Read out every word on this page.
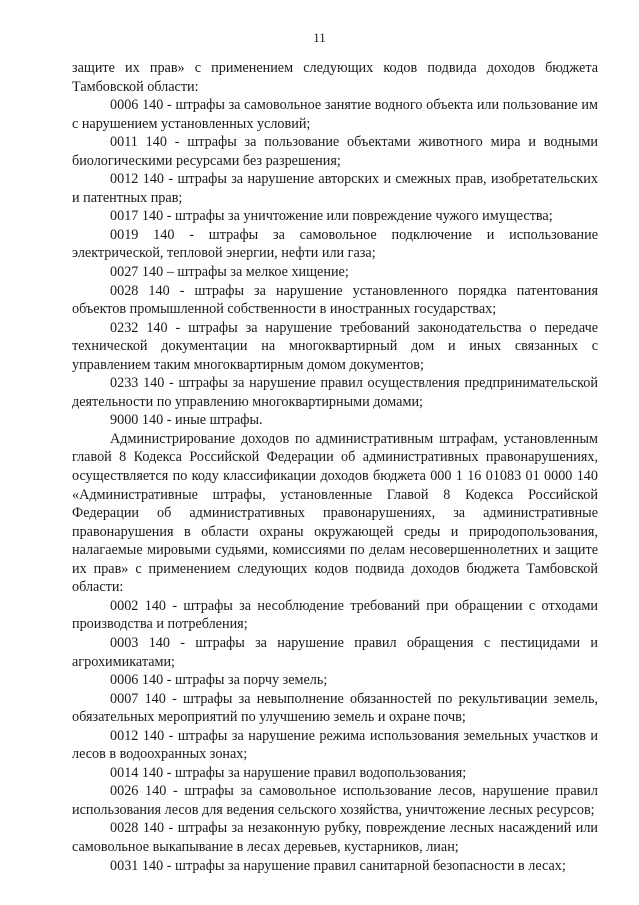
11

защите их прав» с применением следующих кодов подвида доходов бюджета Тамбовской области:

0006 140 - штрафы за самовольное занятие водного объекта или пользование им с нарушением установленных условий;

0011 140 - штрафы за пользование объектами животного мира и водными биологическими ресурсами без разрешения;

0012 140 - штрафы за нарушение авторских и смежных прав, изобретательских и патентных прав;

0017 140 - штрафы за уничтожение или повреждение чужого имущества;

0019 140 - штрафы за самовольное подключение и использование электрической, тепловой энергии, нефти или газа;

0027 140 – штрафы за мелкое хищение;

0028 140 - штрафы за нарушение установленного порядка патентования объектов промышленной собственности в иностранных государствах;

0232 140 - штрафы за нарушение требований законодательства о передаче технической документации на многоквартирный дом и иных связанных с управлением таким многоквартирным домом документов;

0233 140 - штрафы за нарушение правил осуществления предпринимательской деятельности по управлению многоквартирными домами;

9000 140 - иные штрафы.

Администрирование доходов по административным штрафам, установленным главой 8 Кодекса Российской Федерации об административных правонарушениях, осуществляется по коду классификации доходов бюджета 000 1 16 01083 01 0000 140 «Административные штрафы, установленные Главой 8 Кодекса Российской Федерации об административных правонарушениях, за административные правонарушения в области охраны окружающей среды и природопользования, налагаемые мировыми судьями, комиссиями по делам несовершеннолетних и защите их прав» с применением следующих кодов подвида доходов бюджета Тамбовской области:

0002 140 - штрафы за несоблюдение требований при обращении с отходами производства и потребления;

0003 140 - штрафы за нарушение правил обращения с пестицидами и агрохимикатами;

0006 140 - штрафы за порчу земель;

0007 140 - штрафы за невыполнение обязанностей по рекультивации земель, обязательных мероприятий по улучшению земель и охране почв;

0012 140 - штрафы за нарушение режима использования земельных участков и лесов в водоохранных зонах;

0014 140 - штрафы за нарушение правил водопользования;

0026 140 - штрафы за самовольное использование лесов, нарушение правил использования лесов для ведения сельского хозяйства, уничтожение лесных ресурсов;

0028 140 - штрафы за незаконную рубку, повреждение лесных насаждений или самовольное выкапывание в лесах деревьев, кустарников, лиан;

0031 140 - штрафы за нарушение правил санитарной безопасности в лесах;
